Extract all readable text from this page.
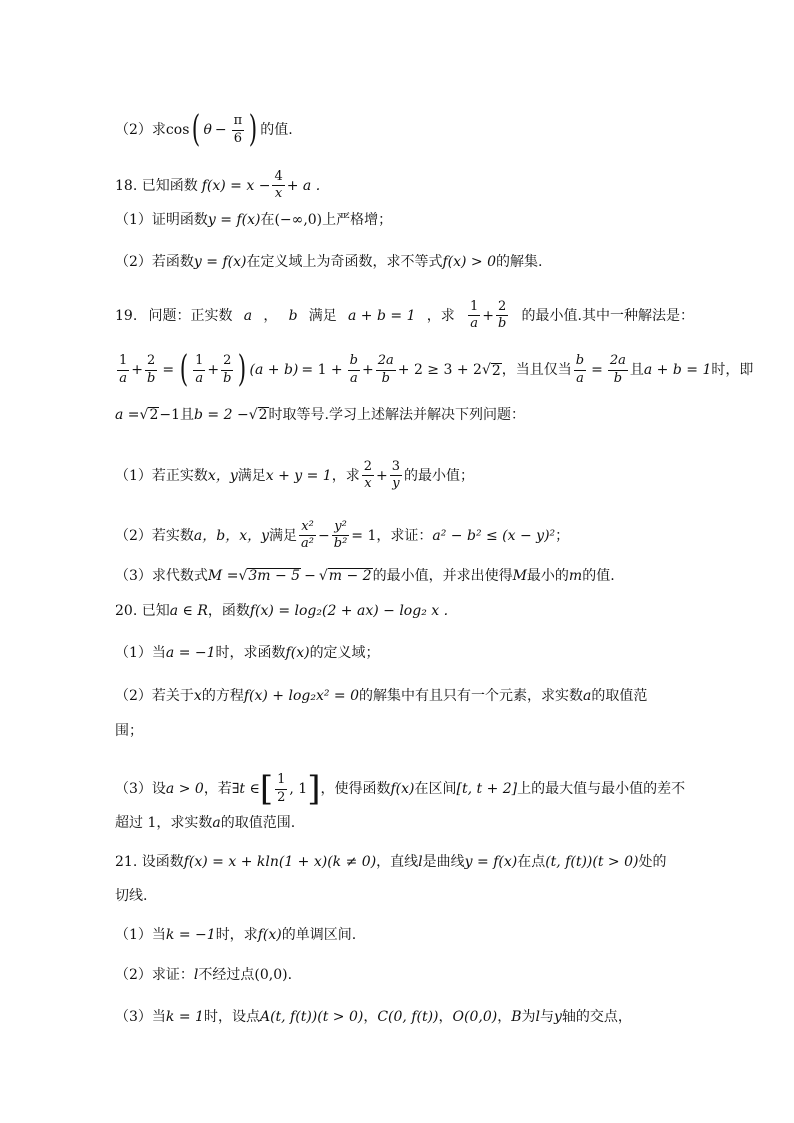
（2）求 cos ( $\theta - \frac{\pi}{6}$ ) 的值.
18. 已知函数 $f(x) = x - \frac{4}{x} + a$ .
（1）证明函数 y = f(x) 在 (−∞,0) 上严格增；
（2）若函数 y = f(x) 在定义域上为奇函数，求不等式 f(x) > 0 的解集.
19. 问题：正实数 a ， b 满足 a + b = 1 ，求 $\frac{1}{a} + \frac{2}{b}$ 的最小值.其中一种解法是：
$\frac{1}{a} + \frac{2}{b}$ = ( $\frac{1}{a} + \frac{2}{b}$ ) ( $a + b) = 1 + \frac{b}{a} + \frac{2a}{b} + 2 \ge 3 + 2$ √ 2 ，当且仅当 $\frac{b}{a} = \frac{2a}{b}$ 且 a + b = 1 时，即
a = √ 2 −1且 b = 2 − √ 2 时取等号.学习上述解法并解决下列问题：
（1）若正实数 x，y 满足 x + y = 1 ，求 $\frac{2}{x} + \frac{3}{y}$ 的最小值；
（2）若实数 a，b，x，y 满足 $\frac{\text{x²}}{\text{a²}} - \frac{\text{y²}}{\text{b²}} = 1$ ，求证： a² − b² ≤ (x − y)² ；
（3）求代数式 M = √ 3m − 5 − √ m − 2 的最小值，并求出使得 M 最小的 m 的值.
20. 已知 a ∈ R ，函数 f(x) = log₂(2 + ax) − log₂ x .
（1）当 a = −1 时，求函数 f(x) 的定义域；
（2）若关于 x 的方程 f(x) + log₂x² = 0 的解集中有且只有一个元素，求实数 a 的取值范
围；
（3）设 a > 0 ，若 ∃t ∈ [ $\frac{1}{2}$ , 1 ] ，使得函数 f(x) 在区间 [t, t + 2] 上的最大值与最小值的差不
超过 1，求实数 a 的取值范围.
21. 设函数 f(x) = x + kln(1 + x)(k ≠ 0) ，直线 l 是曲线 y = f(x) 在点 (t, f(t))(t > 0) 处的
切线.
（1）当 k = −1 时，求 f(x) 的单调区间.
（2）求证： l 不经过点 (0,0) .
（3）当 k = 1 时，设点 A(t, f(t))(t > 0) ， C(0, f(t)) ， O(0,0) ， B 为 l 与 y 轴的交点，
